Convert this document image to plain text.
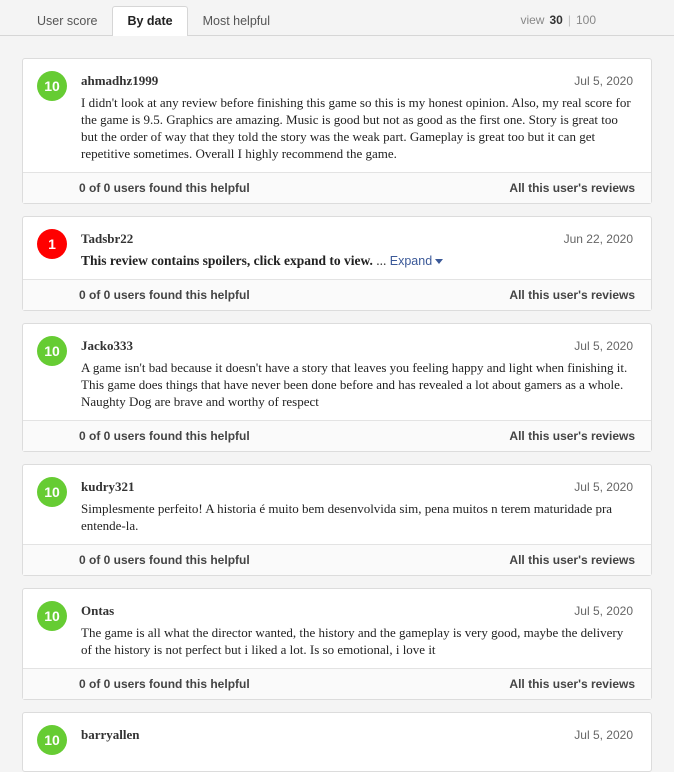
User score	By date	Most helpful	view 30 | 100
10	ahmadhz1999	Jul 5, 2020
I didn't look at any review before finishing this game so this is my honest opinion. Also, my real score for the game is 9.5. Graphics are amazing. Music is good but not as good as the first one. Story is great too but the order of way that they told the story was the weak part. Gameplay is great too but it can get repetitive sometimes. Overall I highly recommend the game.
0 of 0 users found this helpful	All this user's reviews
1	Tadsbr22	Jun 22, 2020
This review contains spoilers, click expand to view. ... Expand
0 of 0 users found this helpful	All this user's reviews
10	Jacko333	Jul 5, 2020
A game isn't bad because it doesn't have a story that leaves you feeling happy and light when finishing it. This game does things that have never been done before and has revealed a lot about gamers as a whole. Naughty Dog are brave and worthy of respect
0 of 0 users found this helpful	All this user's reviews
10	kudry321	Jul 5, 2020
Simplesmente perfeito! A historia é muito bem desenvolvida sim, pena muitos n terem maturidade pra entende-la.
0 of 0 users found this helpful	All this user's reviews
10	Ontas	Jul 5, 2020
The game is all what the director wanted, the history and the gameplay is very good, maybe the delivery of the history is not perfect but i liked a lot. Is so emotional, i love it
0 of 0 users found this helpful	All this user's reviews
10	barryallen	Jul 5, 2020
